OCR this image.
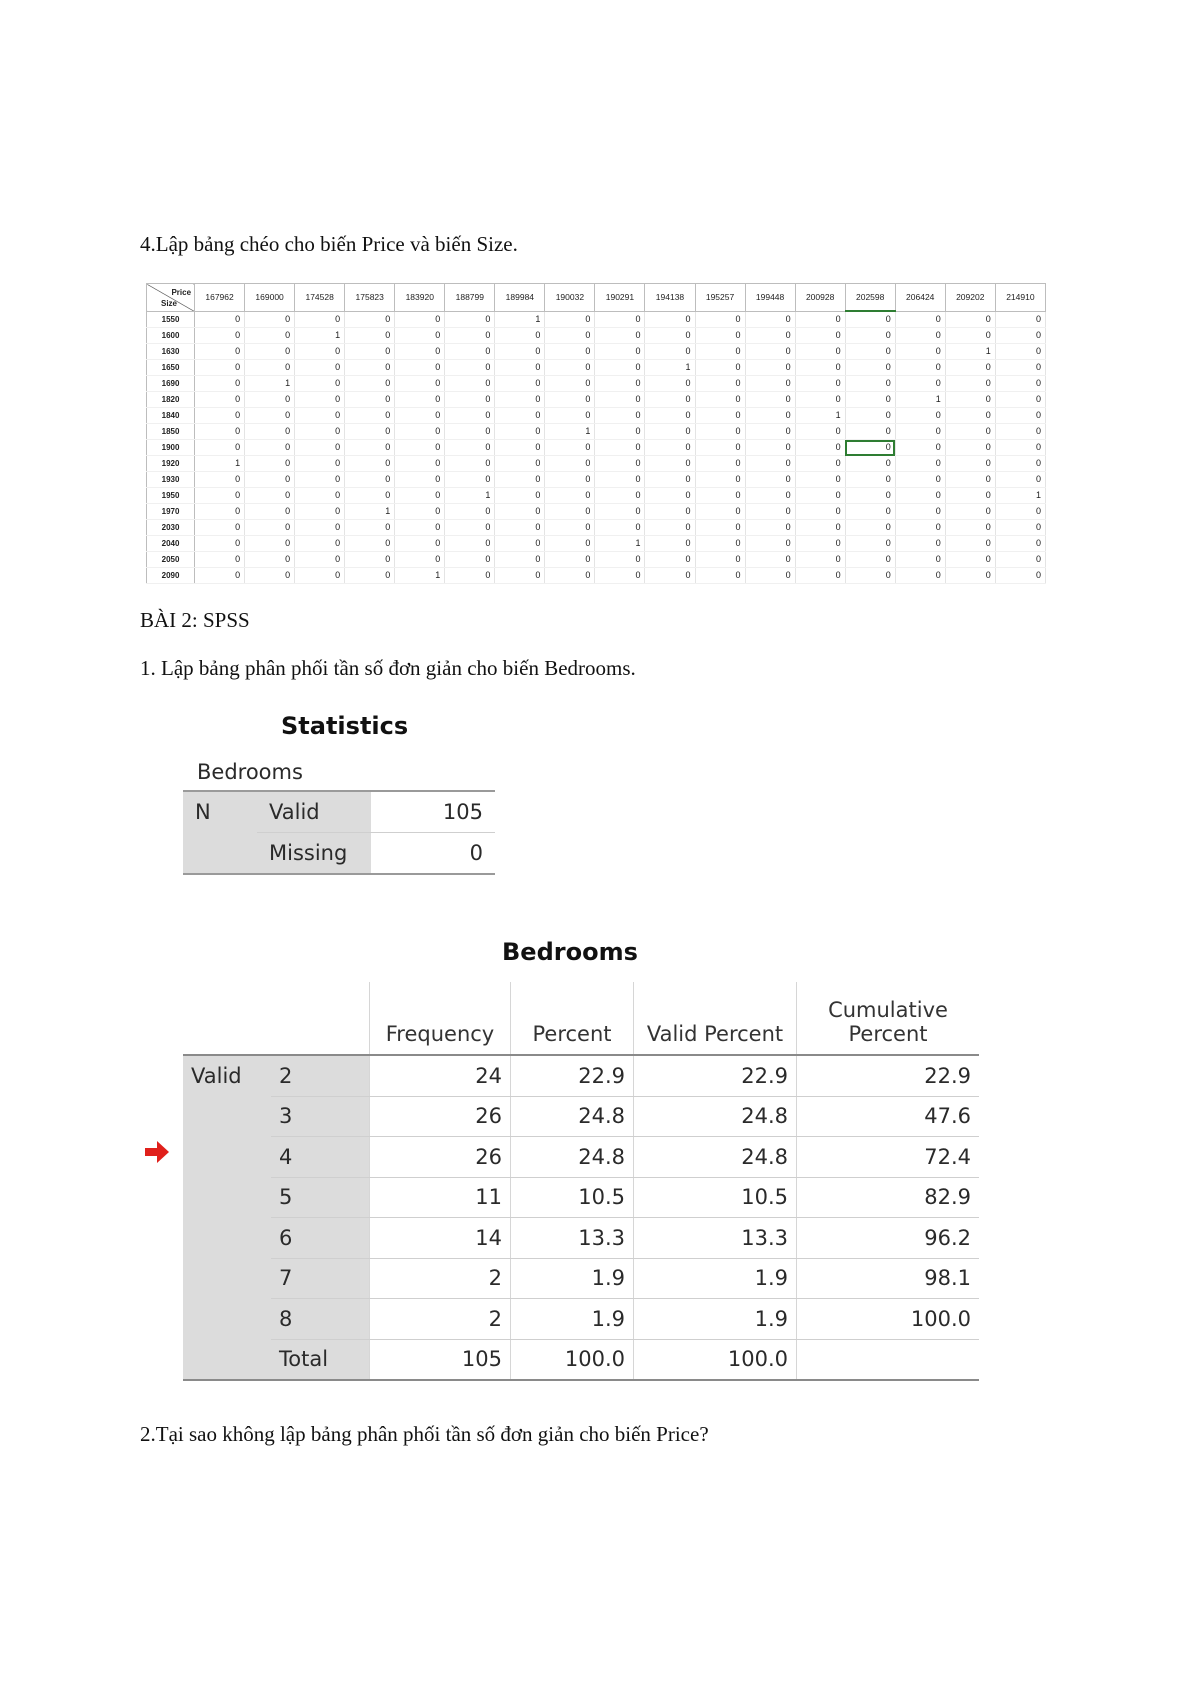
4.Lập bảng chéo cho biến Price và biến Size.

Price
Size	167962	169000	174528	175823	183920	188799	189984	190032	190291	194138	195257	199448	200928	202598	206424	209202	214910
1550	0	0	0	0	0	0	1	0	0	0	0	0	0	0	0	0	0
1600	0	0	1	0	0	0	0	0	0	0	0	0	0	0	0	0	0
1630	0	0	0	0	0	0	0	0	0	0	0	0	0	0	0	1	0
1650	0	0	0	0	0	0	0	0	0	1	0	0	0	0	0	0	0
1690	0	1	0	0	0	0	0	0	0	0	0	0	0	0	0	0	0
1820	0	0	0	0	0	0	0	0	0	0	0	0	0	0	1	0	0
1840	0	0	0	0	0	0	0	0	0	0	0	0	1	0	0	0	0
1850	0	0	0	0	0	0	0	1	0	0	0	0	0	0	0	0	0
1900	0	0	0	0	0	0	0	0	0	0	0	0	0	0	0	0	0
1920	1	0	0	0	0	0	0	0	0	0	0	0	0	0	0	0	0
1930	0	0	0	0	0	0	0	0	0	0	0	0	0	0	0	0	0
1950	0	0	0	0	0	1	0	0	0	0	0	0	0	0	0	0	1
1970	0	0	0	1	0	0	0	0	0	0	0	0	0	0	0	0	0
2030	0	0	0	0	0	0	0	0	0	0	0	0	0	0	0	0	0
2040	0	0	0	0	0	0	0	0	1	0	0	0	0	0	0	0	0
2050	0	0	0	0	0	0	0	0	0	0	0	0	0	0	0	0	0
2090	0	0	0	0	1	0	0	0	0	0	0	0	0	0	0	0	0

BÀI 2: SPSS

1. Lập bảng phân phối tần số đơn giản cho biến Bedrooms.

Statistics
Bedrooms
N	Valid	105
	Missing	0
Bedrooms
		Frequency	Percent	Valid Percent	Cumulative
Percent
Valid	2	24	22.9	22.9	22.9
	3	26	24.8	24.8	47.6
	4	26	24.8	24.8	72.4
	5	11	10.5	10.5	82.9
	6	14	13.3	13.3	96.2
	7	2	1.9	1.9	98.1
	8	2	1.9	1.9	100.0
	Total	105	100.0	100.0	

2.Tại sao không lập bảng phân phối tần số đơn giản cho biến Price?
